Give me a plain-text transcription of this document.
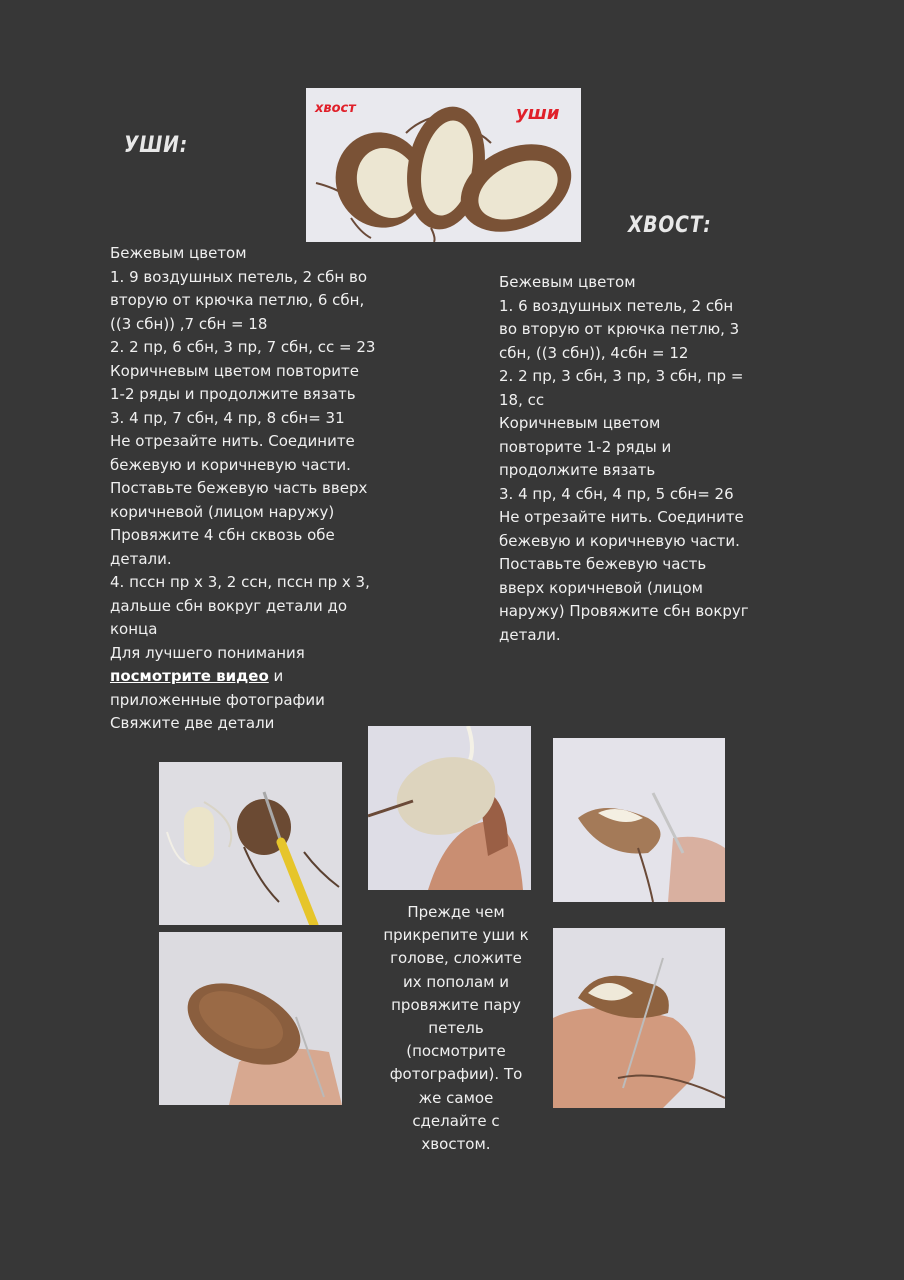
УШИ:
ХВОСТ:
хвост	уши
Бежевым цветом
1. 9 воздушных петель, 2 сбн во
вторую от крючка петлю, 6 сбн,
((3 сбн)) ,7 сбн = 18
2. 2 пр, 6 сбн, 3 пр, 7 сбн, сс = 23
Коричневым цветом повторите
1-2 ряды и продолжите вязать
3. 4 пр, 7 сбн, 4 пр, 8 сбн= 31
Не отрезайте нить. Соедините
бежевую и коричневую части.
Поставьте бежевую часть вверх
коричневой (лицом наружу)
Провяжите 4 сбн сквозь обе
детали.
4. пссн пр х 3, 2 ссн, пссн пр х 3,
дальше сбн вокруг детали до
конца
Для лучшего понимания
посмотрите видео и
приложенные фотографии
Свяжите две детали
Бежевым цветом
1. 6 воздушных петель, 2 сбн
во вторую от крючка петлю, 3
сбн, ((3 сбн)), 4сбн = 12
2. 2 пр, 3 сбн, 3 пр, 3 сбн, пр =
18, сс
Коричневым цветом
повторите 1-2 ряды и
продолжите вязать
3. 4 пр, 4 сбн, 4 пр, 5 сбн= 26
Не отрезайте нить. Соедините
бежевую и коричневую части.
Поставьте бежевую часть
вверх коричневой (лицом
наружу) Провяжите сбн вокруг
детали.
Прежде чем
прикрепите уши к
голове, сложите
их пополам и
провяжите пару
петель
(посмотрите
фотографии). То
же самое
сделайте с
хвостом.
